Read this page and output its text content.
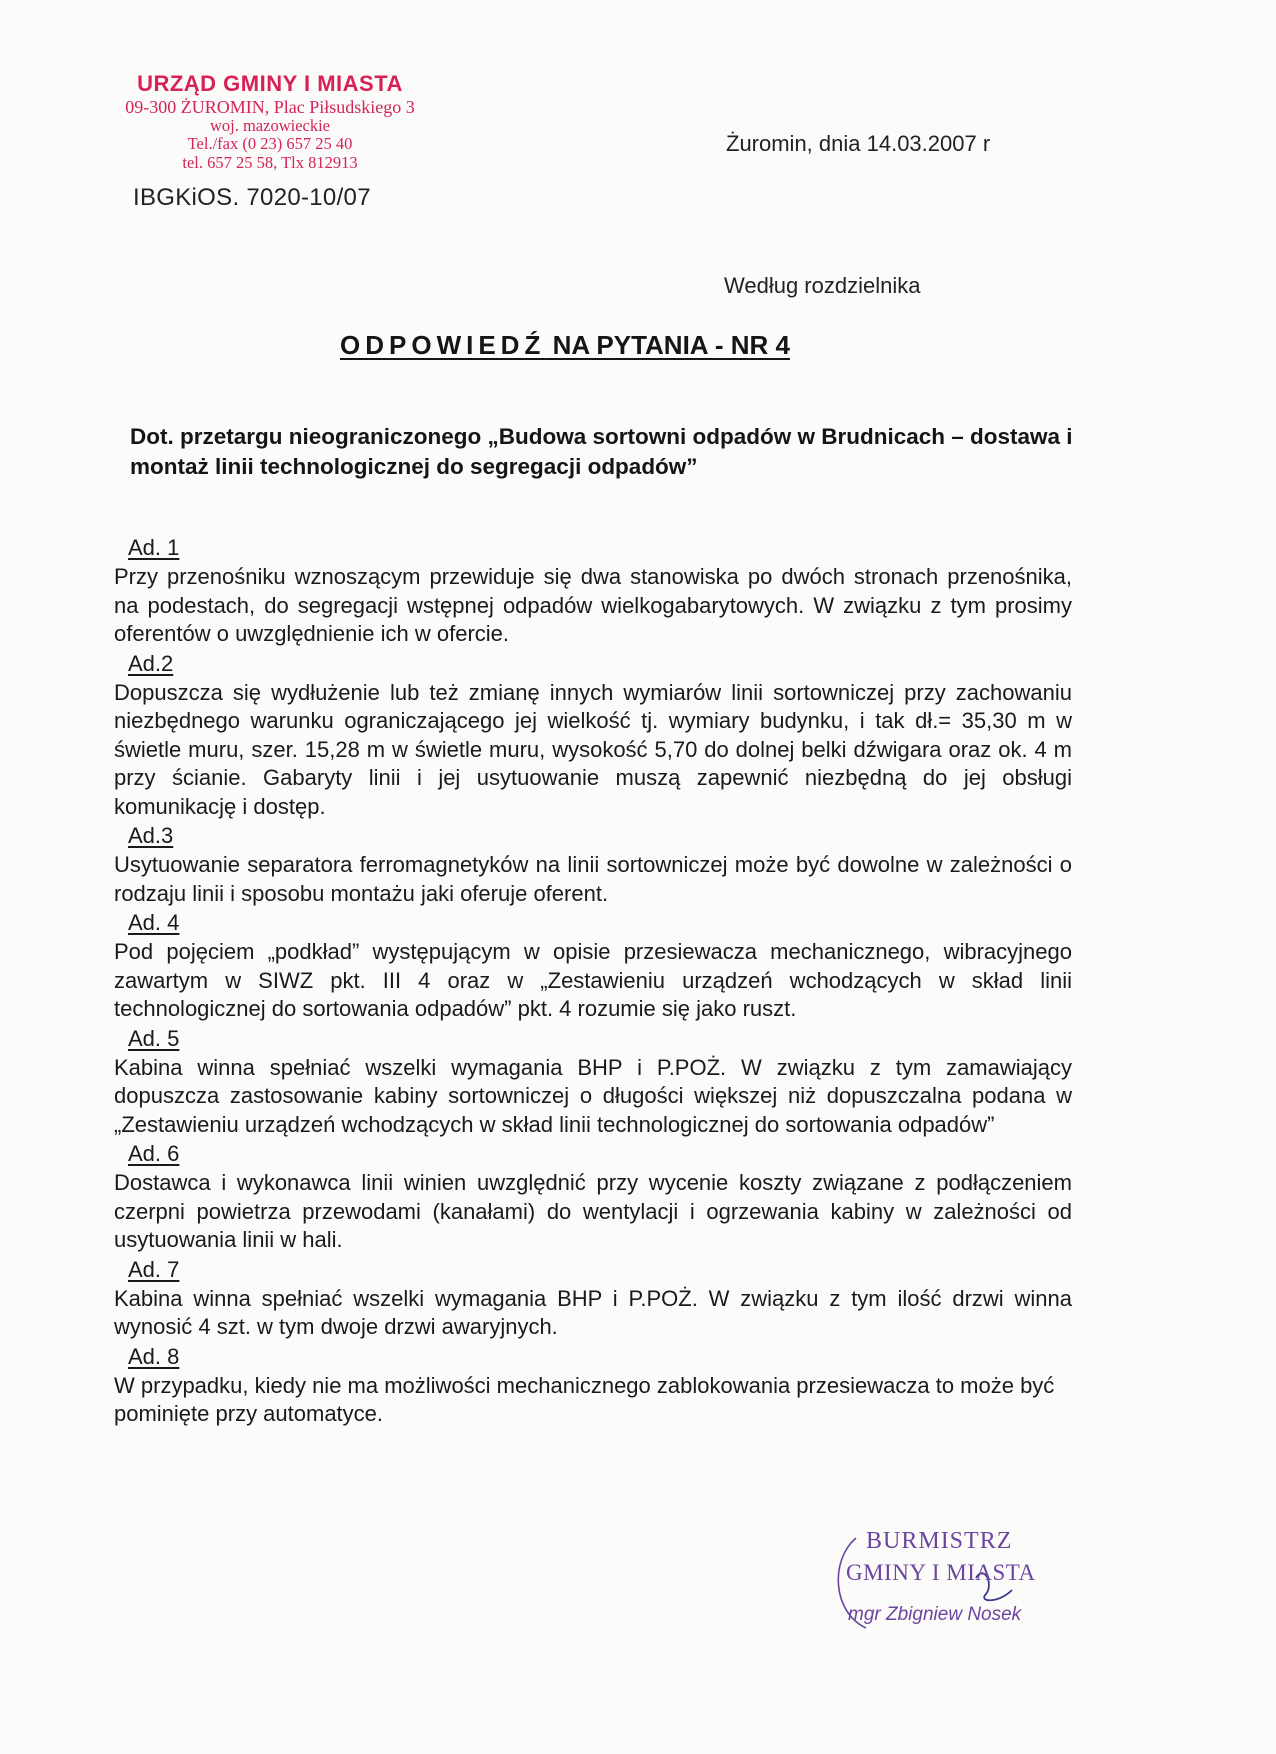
URZĄD GMINY I MIASTA
09-300 ŻUROMIN, Plac Piłsudskiego 3
woj. mazowieckie
Tel./fax (0 23) 657 25 40
tel. 657 25 58, Tlx 812913
IBGKiOS. 7020-10/07
Żuromin, dnia 14.03.2007 r
Według rozdzielnika
ODPOWIEDŹ NA PYTANIA - NR 4
Dot. przetargu nieograniczonego „Budowa sortowni odpadów w Brudnicach – dostawa i montaż linii technologicznej do segregacji odpadów”
Ad. 1

Przy przenośniku wznoszącym przewiduje się dwa stanowiska po dwóch stronach przenośnika, na podestach, do segregacji wstępnej odpadów wielkogabarytowych. W związku z tym prosimy oferentów o uwzględnienie ich w ofercie.

Ad.2

Dopuszcza się wydłużenie lub też zmianę innych wymiarów linii sortowniczej przy zachowaniu niezbędnego warunku ograniczającego jej wielkość tj. wymiary budynku, i tak dł.= 35,30 m w świetle muru, szer. 15,28 m w świetle muru, wysokość 5,70 do dolnej belki dźwigara oraz ok. 4 m przy ścianie. Gabaryty linii i jej usytuowanie muszą zapewnić niezbędną do jej obsługi komunikację i dostęp.

Ad.3

Usytuowanie separatora ferromagnetyków na linii sortowniczej może być dowolne w zależności o rodzaju linii i sposobu montażu jaki oferuje oferent.

Ad. 4

Pod pojęciem „podkład” występującym w opisie przesiewacza mechanicznego, wibracyjnego zawartym w SIWZ pkt. III 4 oraz w „Zestawieniu urządzeń wchodzących w skład linii technologicznej do sortowania odpadów” pkt. 4 rozumie się jako ruszt.

Ad. 5

Kabina winna spełniać wszelki wymagania BHP i P.POŻ. W związku z tym zamawiający dopuszcza zastosowanie kabiny sortowniczej o długości większej niż dopuszczalna podana w „Zestawieniu urządzeń wchodzących w skład linii technologicznej do sortowania odpadów”

Ad. 6

Dostawca i wykonawca linii winien uwzględnić przy wycenie koszty związane z podłączeniem czerpni powietrza przewodami (kanałami) do wentylacji i ogrzewania kabiny w zależności od usytuowania linii w hali.

Ad. 7

Kabina winna spełniać wszelki wymagania BHP i P.POŻ. W związku z tym ilość drzwi winna wynosić 4 szt. w tym dwoje drzwi awaryjnych.

Ad. 8

W przypadku, kiedy nie ma możliwości mechanicznego zablokowania przesiewacza to może być pominięte przy automatyce.

BURMISTRZ
GMINY I MIASTA
mgr Zbigniew Nosek
